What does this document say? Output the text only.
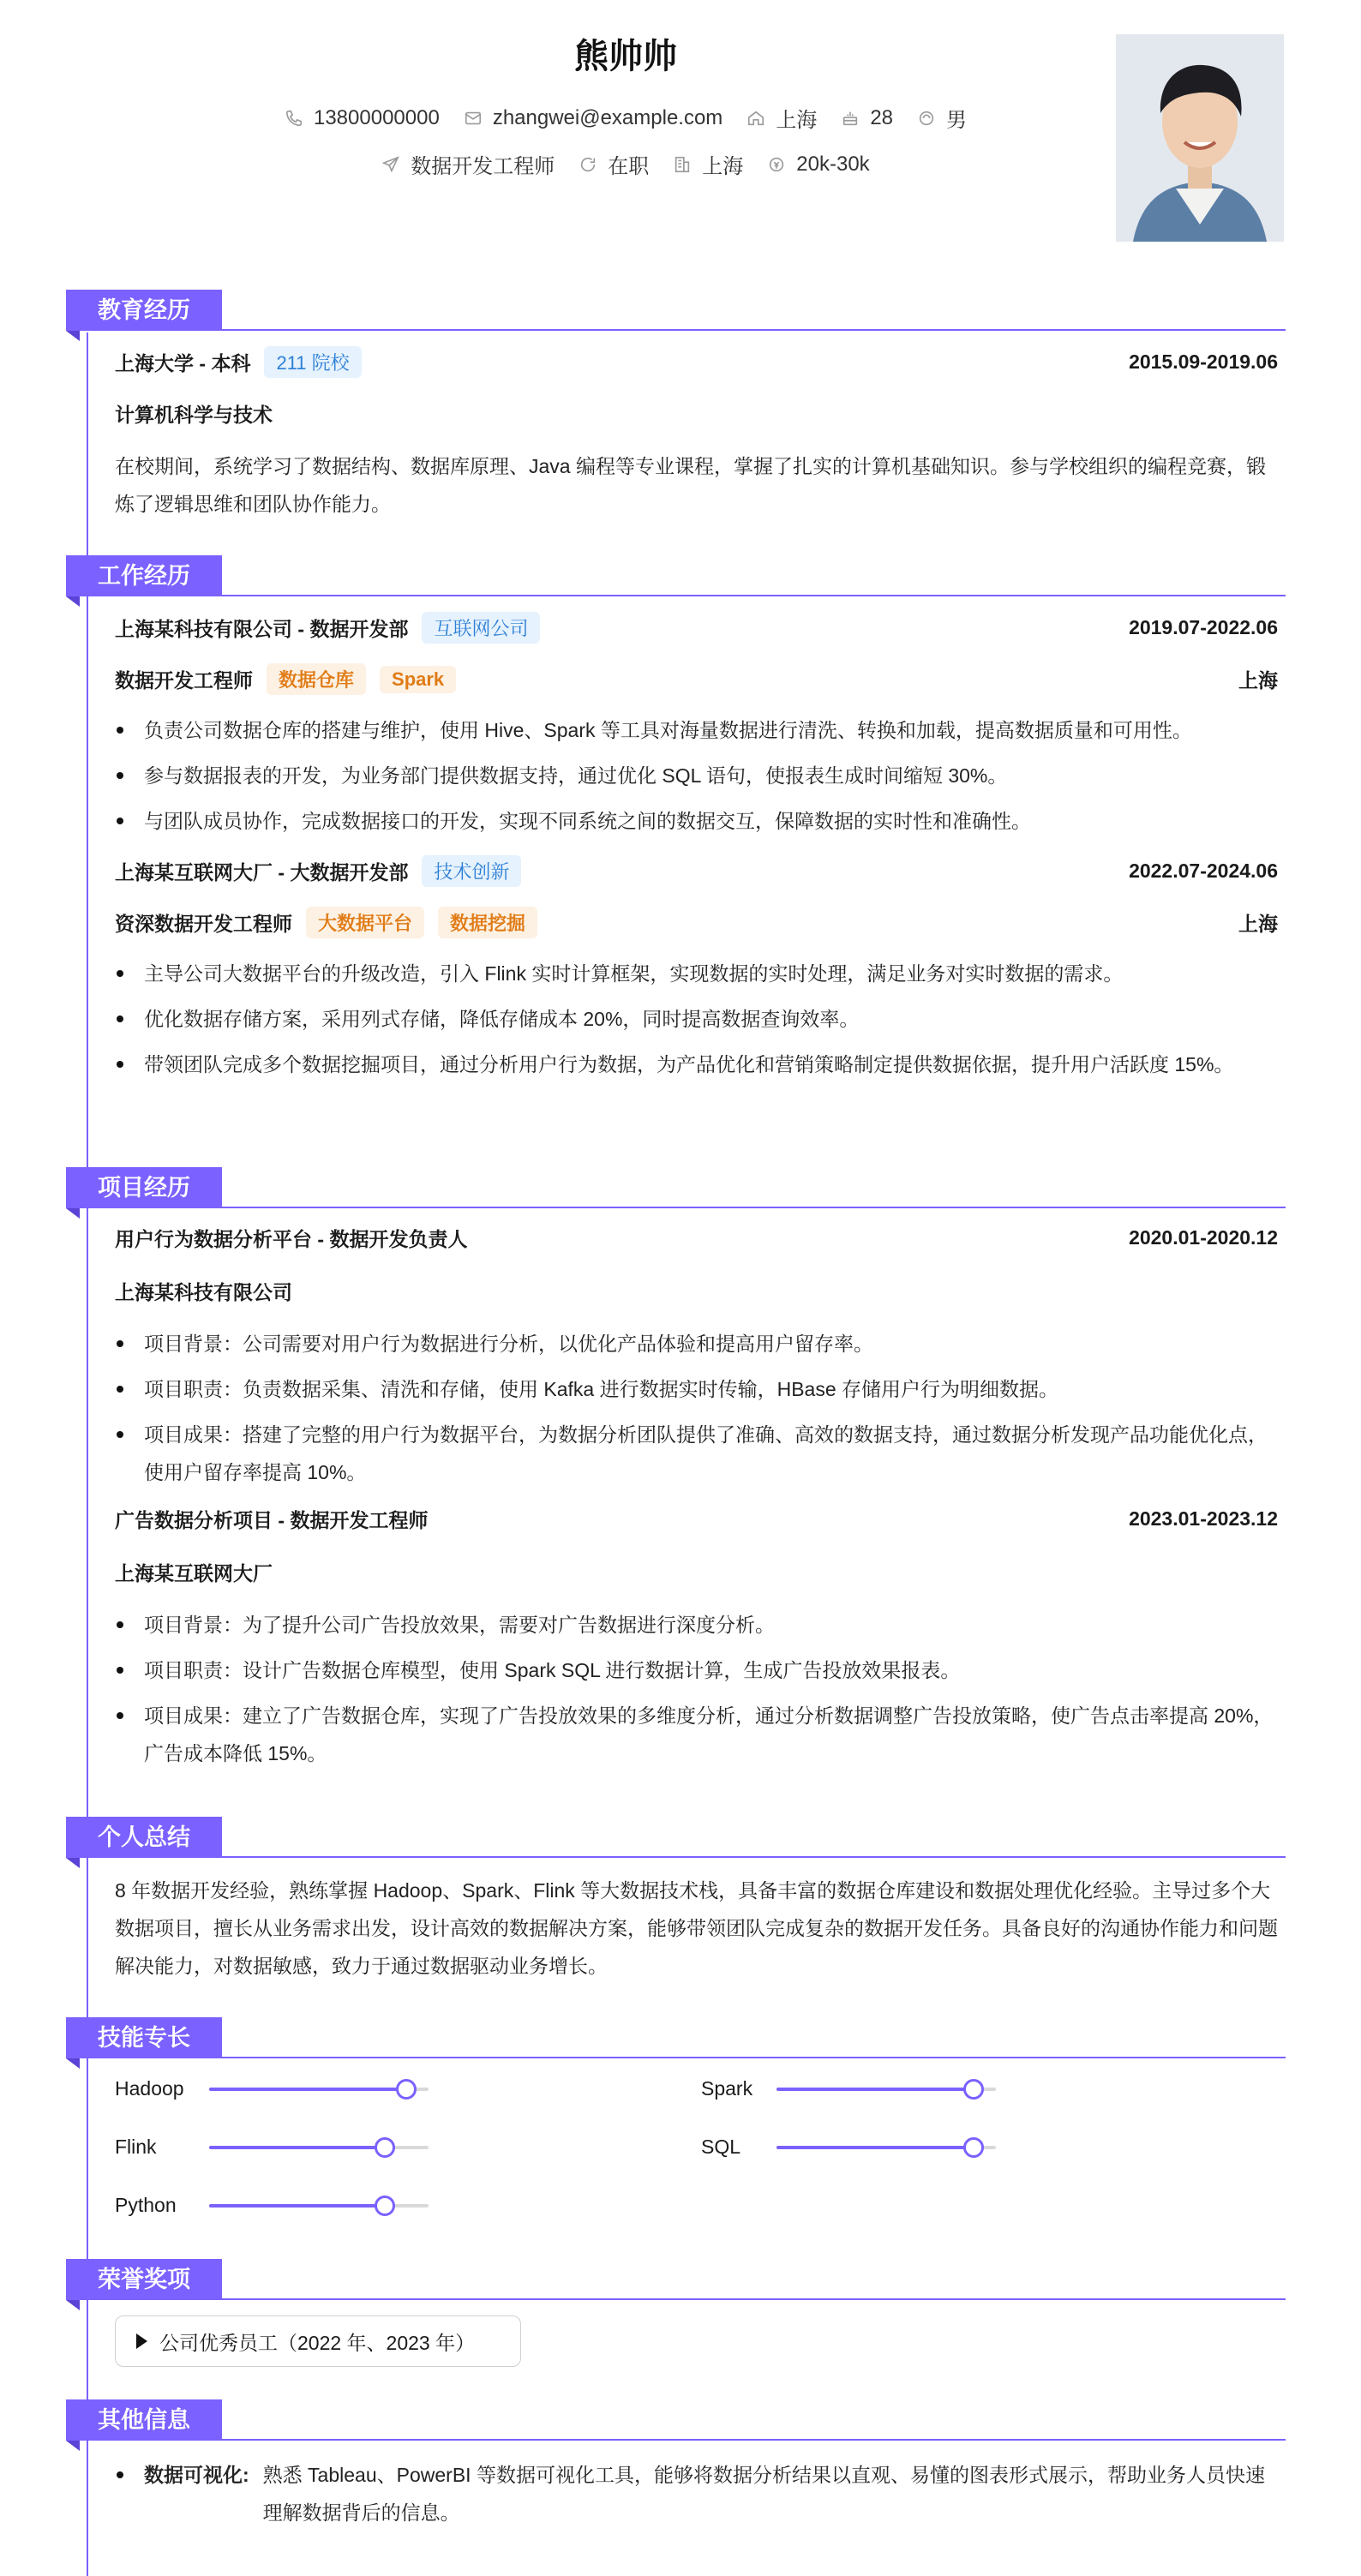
熊帅帅
13800000000	zhangwei@example.com	上海	28	男
数据开发工程师	在职	上海	20k-30k
教育经历
上海大学 - 本科	211 院校	2015.09-2019.06
计算机科学与技术
在校期间，系统学习了数据结构、数据库原理、Java 编程等专业课程，掌握了扎实的计算机基础知识。参与学校组织的编程竞赛，锻炼了逻辑思维和团队协作能力。
工作经历
上海某科技有限公司 - 数据开发部	互联网公司	2019.07-2022.06
数据开发工程师	数据仓库	Spark	上海
负责公司数据仓库的搭建与维护，使用 Hive、Spark 等工具对海量数据进行清洗、转换和加载，提高数据质量和可用性。
参与数据报表的开发，为业务部门提供数据支持，通过优化 SQL 语句，使报表生成时间缩短 30%。
与团队成员协作，完成数据接口的开发，实现不同系统之间的数据交互，保障数据的实时性和准确性。
上海某互联网大厂 - 大数据开发部	技术创新	2022.07-2024.06
资深数据开发工程师	大数据平台	数据挖掘	上海
主导公司大数据平台的升级改造，引入 Flink 实时计算框架，实现数据的实时处理，满足业务对实时数据的需求。
优化数据存储方案，采用列式存储，降低存储成本 20%，同时提高数据查询效率。
带领团队完成多个数据挖掘项目，通过分析用户行为数据，为产品优化和营销策略制定提供数据依据，提升用户活跃度 15%。
项目经历
用户行为数据分析平台 - 数据开发负责人	2020.01-2020.12
上海某科技有限公司
项目背景：公司需要对用户行为数据进行分析，以优化产品体验和提高用户留存率。
项目职责：负责数据采集、清洗和存储，使用 Kafka 进行数据实时传输，HBase 存储用户行为明细数据。
项目成果：搭建了完整的用户行为数据平台，为数据分析团队提供了准确、高效的数据支持，通过数据分析发现产品功能优化点，使用户留存率提高 10%。
广告数据分析项目 - 数据开发工程师	2023.01-2023.12
上海某互联网大厂
项目背景：为了提升公司广告投放效果，需要对广告数据进行深度分析。
项目职责：设计广告数据仓库模型，使用 Spark SQL 进行数据计算，生成广告投放效果报表。
项目成果：建立了广告数据仓库，实现了广告投放效果的多维度分析，通过分析数据调整广告投放策略，使广告点击率提高 20%，广告成本降低 15%。
个人总结
8 年数据开发经验，熟练掌握 Hadoop、Spark、Flink 等大数据技术栈，具备丰富的数据仓库建设和数据处理优化经验。主导过多个大数据项目，擅长从业务需求出发，设计高效的数据解决方案，能够带领团队完成复杂的数据开发任务。具备良好的沟通协作能力和问题解决能力，对数据敏感，致力于通过数据驱动业务增长。
技能专长
Hadoop	Spark
Flink	SQL
Python
荣誉奖项
公司优秀员工（2022 年、2023 年）
其他信息
数据可视化: 熟悉 Tableau、PowerBI 等数据可视化工具，能够将数据分析结果以直观、易懂的图表形式展示，帮助业务人员快速理解数据背后的信息。
